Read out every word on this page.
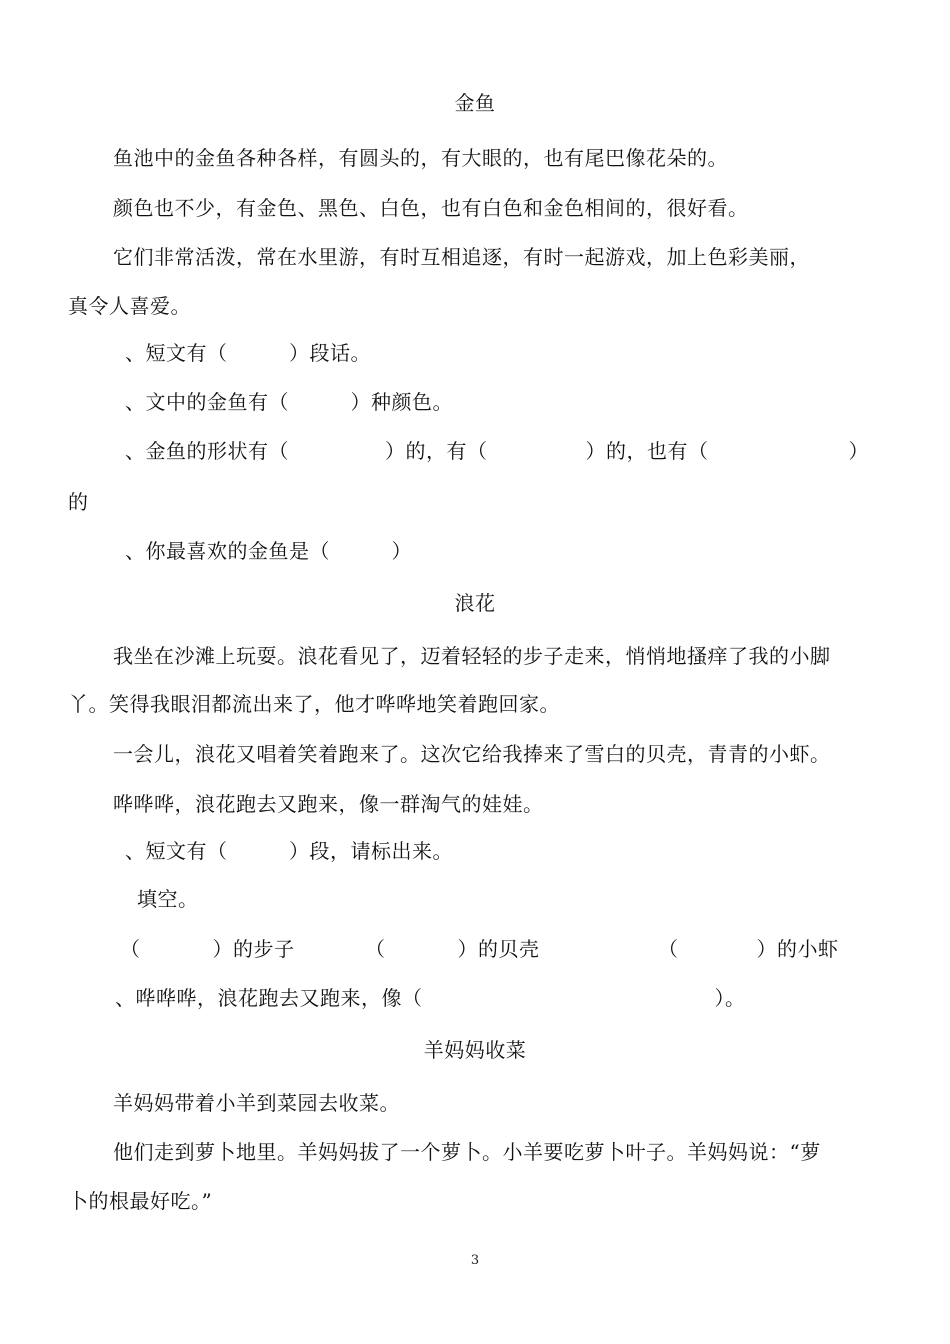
金鱼
鱼池中的金鱼各种各样，有圆头的，有大眼的，也有尾巴像花朵的。
颜色也不少，有金色、黑色、白色，也有白色和金色相间的，很好看。
它们非常活泼，常在水里游，有时互相追逐，有时一起游戏，加上色彩美丽，
真令人喜爱。
、短文有（　　　）段话。
、文中的金鱼有（　　　）种颜色。
、金鱼的形状有（	）的，有（	）的，也有（	）
的
、你最喜欢的金鱼是（　　　）
浪花
我坐在沙滩上玩耍。浪花看见了，迈着轻轻的步子走来，悄悄地搔痒了我的小脚
丫。笑得我眼泪都流出来了，他才哗哗地笑着跑回家。
一会儿，浪花又唱着笑着跑来了。这次它给我捧来了雪白的贝壳，青青的小虾。
哗哗哗，浪花跑去又跑来，像一群淘气的娃娃。
、短文有（　　　）段，请标出来。
填空。
（	）的步子	（	）的贝壳	（	）的小虾
、哗哗哗，浪花跑去又跑来，像（	）。
羊妈妈收菜
羊妈妈带着小羊到菜园去收菜。
他们走到萝卜地里。羊妈妈拔了一个萝卜。小羊要吃萝卜叶子。羊妈妈说：“萝
卜的根最好吃。”
3
